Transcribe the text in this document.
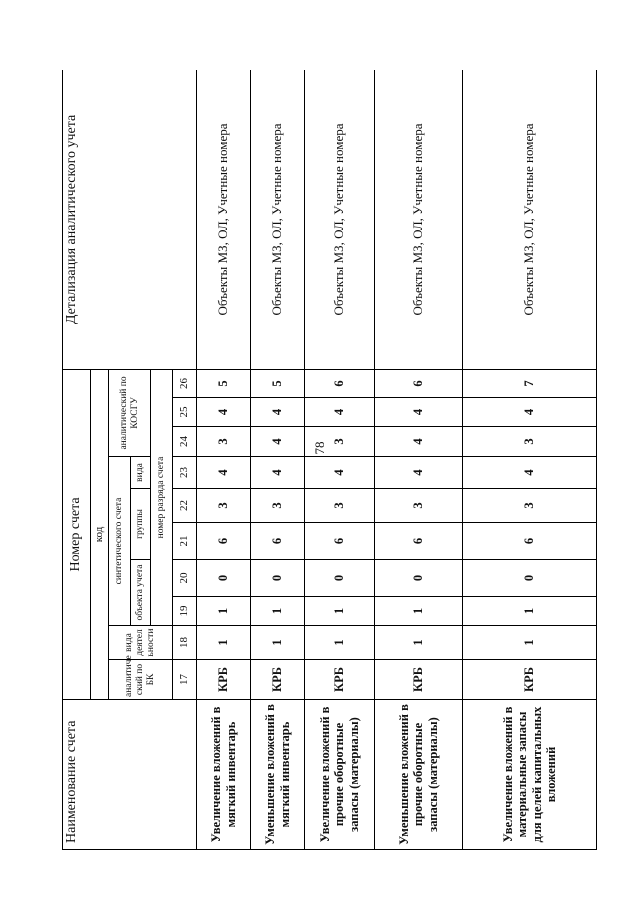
78
Наименование счета	Номер счета										Детализация аналитического учета
	код										
	аналитиче ский по БК	вида деятел ьности	синтетического счета					аналитический по КОСГУ			
			объекта учета		группы		вида				
			номер разряда счета								
	17	18	19	20	21	22	23	24	25	26	
Увеличение вложений в мягкий инвентарь	КРБ	1	1	0	6	3	4	3	4	5	Объекты МЗ, ОЛ, Учетные номера
Уменьшение вложений в мягкий инвентарь	КРБ	1	1	0	6	3	4	4	4	5	Объекты МЗ, ОЛ, Учетные номера
Увеличение вложений в прочие оборотные запасы (материалы)	КРБ	1	1	0	6	3	4	3	4	6	Объекты МЗ, ОЛ, Учетные номера
Уменьшение вложений в прочие оборотные запасы (материалы)	КРБ	1	1	0	6	3	4	4	4	6	Объекты МЗ, ОЛ, Учетные номера
Увеличение вложений в материальные запасы для целей капитальных вложений	КРБ	1	1	0	6	3	4	3	4	7	Объекты МЗ, ОЛ, Учетные номера
